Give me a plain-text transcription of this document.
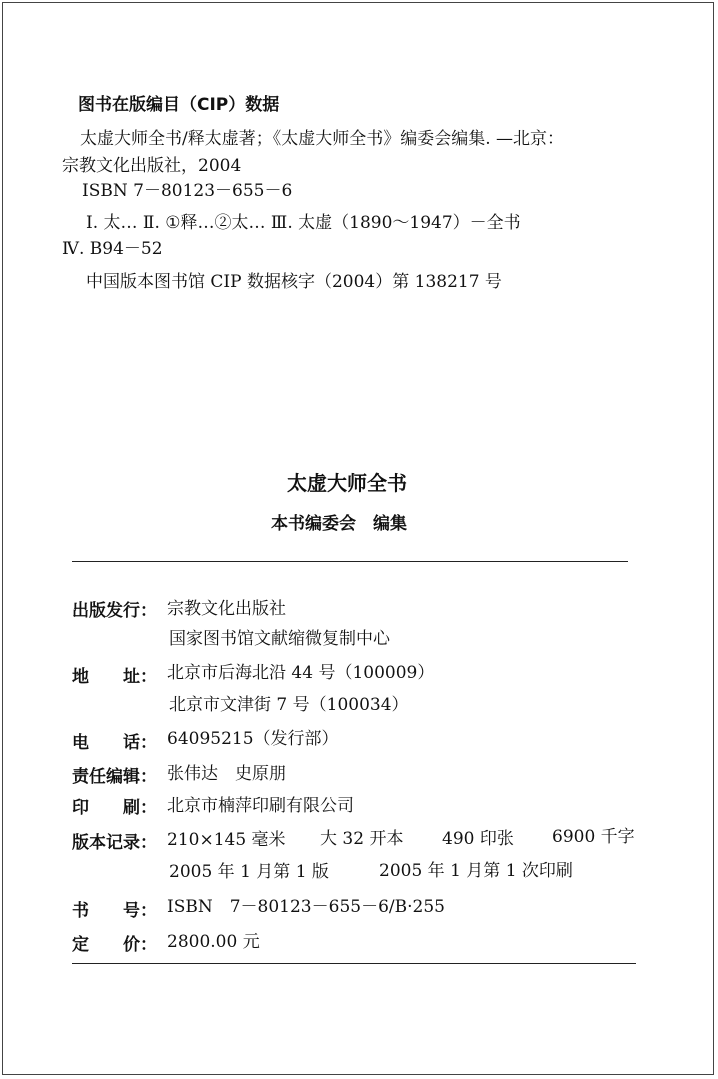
图书在版编目（CIP）数据
太虚大师全书/释太虚著；《太虚大师全书》编委会编集. —北京：
宗教文化出版社，2004
ISBN 7－80123－655－6
Ⅰ. 太… Ⅱ. ①释…②太… Ⅲ. 太虚（1890～1947）－全书
Ⅳ. B94－52
中国版本图书馆 CIP 数据核字（2004）第 138217 号
太虚大师全书
本书编委会　编集
出版发行： 宗教文化出版社
国家图书馆文献缩微复制中心
地　　址： 北京市后海北沿 44 号（100009）
北京市文津街 7 号（100034）
电　　话： 64095215（发行部）
责任编辑： 张伟达　史原朋
印　　刷： 北京市楠萍印刷有限公司
版本记录： 210×145 毫米 大 32 开本 490 印张 6900 千字
2005 年 1 月第 1 版	2005 年 1 月第 1 次印刷
书　　号： ISBN　7－80123－655－6/B·255
定　　价： 2800.00 元
